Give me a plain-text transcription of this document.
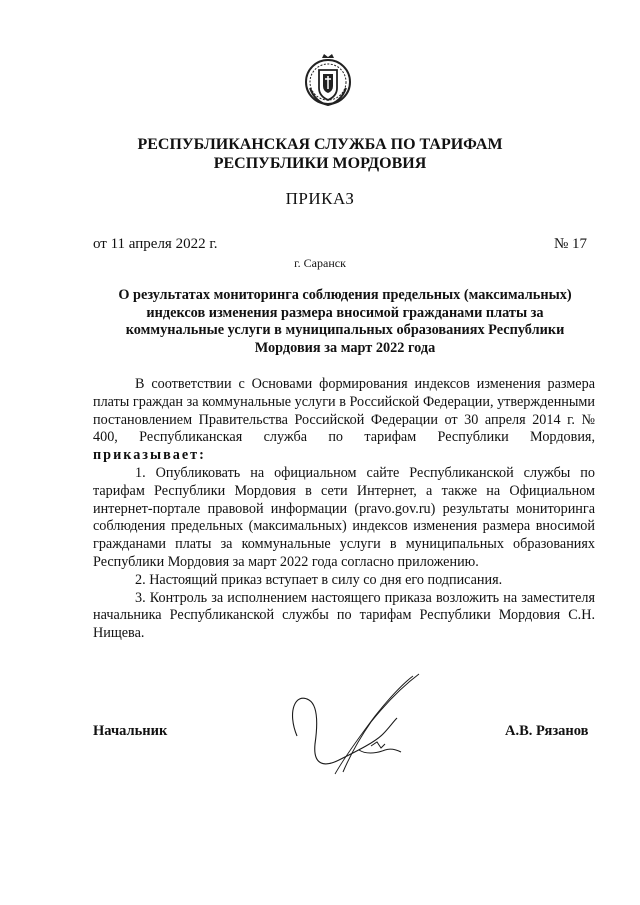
РЕСПУБЛИКАНСКАЯ СЛУЖБА ПО ТАРИФАМ
РЕСПУБЛИКИ МОРДОВИЯ
ПРИКАЗ
от 11 апреля 2022 г.	№ 17
г. Саранск
О результатах мониторинга соблюдения предельных (максимальных) индексов изменения размера вносимой гражданами платы за коммунальные услуги в муниципальных образованиях Республики Мордовия за март 2022 года

В соответствии с Основами формирования индексов изменения размера платы граждан за коммунальные услуги в Российской Федерации, утвержденными постановлением Правительства Российской Федерации от 30 апреля 2014 г. № 400, Республиканская служба по тарифам Республики Мордовия, приказывает:

1. Опубликовать на официальном сайте Республиканской службы по тарифам Республики Мордовия в сети Интернет, а также на Официальном интернет-портале правовой информации (pravo.gov.ru) результаты мониторинга соблюдения предельных (максимальных) индексов изменения размера вносимой гражданами платы за коммунальные услуги в муниципальных образованиях Республики Мордовия за март 2022 года согласно приложению.

2. Настоящий приказ вступает в силу со дня его подписания.

3. Контроль за исполнением настоящего приказа возложить на заместителя начальника Республиканской службы по тарифам Республики Мордовия С.Н. Нищева.

Начальник	А.В. Рязанов
